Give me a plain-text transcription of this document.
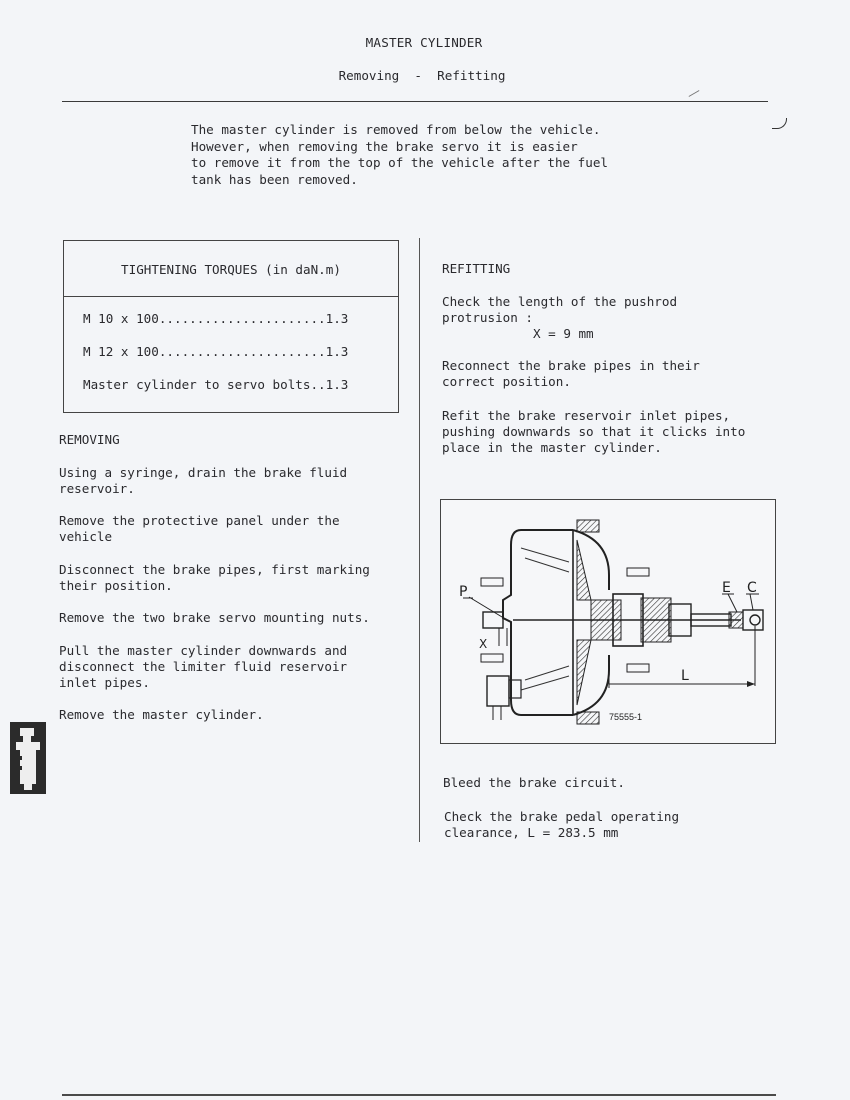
MASTER CYLINDER
Removing  -  Refitting
The master cylinder is removed from below the vehicle.
However, when removing the brake servo it is easier
to remove it from the top of the vehicle after the fuel
tank has been removed.
TIGHTENING TORQUES (in daN.m)
M 10 x 100......................1.3
M 12 x 100......................1.3
Master cylinder to servo bolts..1.3
REMOVING
Using a syringe, drain the brake fluid
reservoir.
Remove the protective panel under the
vehicle
Disconnect the brake pipes, first marking
their position.
Remove the two brake servo mounting nuts.
Pull the master cylinder downwards and
disconnect the limiter fluid reservoir
inlet pipes.
Remove the master cylinder.
REFITTING
Check the length of the pushrod
protrusion :
X = 9 mm
Reconnect the brake pipes in their
correct position.
Refit the brake reservoir inlet pipes,
pushing downwards so that it clicks into
place in the master cylinder.
P
X
E C
L
75555-1
Bleed the brake circuit.
Check the brake pedal operating
clearance, L = 283.5 mm
